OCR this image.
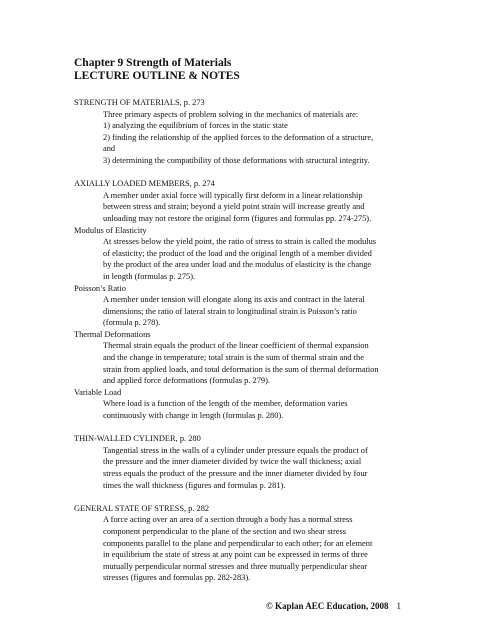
Chapter 9 Strength of Materials
LECTURE OUTLINE & NOTES

STRENGTH OF MATERIALS, p. 273

Three primary aspects of problem solving in the mechanics of materials are:

1) analyzing the equilibrium of forces in the static state

2) finding the relationship of the applied forces to the deformation of a structure,

and

3) determining the compatibility of those deformations with structural integrity.

AXIALLY LOADED MEMBERS, p. 274

A member under axial force will typically first deform in a linear relationship

between stress and strain; beyond a yield point strain will increase greatly and

unloading may not restore the original form (figures and formulas pp. 274-275).

Modulus of Elasticity

At stresses below the yield point, the ratio of stress to strain is called the modulus

of elasticity; the product of the load and the original length of a member divided

by the product of the area under load and the modulus of elasticity is the change

in length (formulas p. 275).

Poisson’s Ratio

A member under tension will elongate along its axis and contract in the lateral

dimensions; the ratio of lateral strain to longitudinal strain is Poisson’s ratio

(formula p. 278).

Thermal Deformations

Thermal strain equals the product of the linear coefficient of thermal expansion

and the change in temperature; total strain is the sum of thermal strain and the

strain from applied loads, and total deformation is the sum of thermal deformation

and applied force deformations (formulas p. 279).

Variable Load

Where load is a function of the length of the member, deformation varies

continuously with change in length (formulas p. 280).

THIN-WALLED CYLINDER, p. 280

Tangential stress in the walls of a cylinder under pressure equals the product of

the pressure and the inner diameter divided by twice the wall thickness; axial

stress equals the product of the pressure and the inner diameter divided by four

times the wall thickness (figures and formulas p. 281).

GENERAL STATE OF STRESS, p. 282

A force acting over an area of a section through a body has a normal stress

component perpendicular to the plane of the section and two shear stress

components parallel to the plane and perpendicular to each other; for an element

in equilibrium the state of stress at any point can be expressed in terms of three

mutually perpendicular normal stresses and three mutually perpendicular shear

stresses (figures and formulas pp. 282-283).

© Kaplan AEC Education, 2008 1
